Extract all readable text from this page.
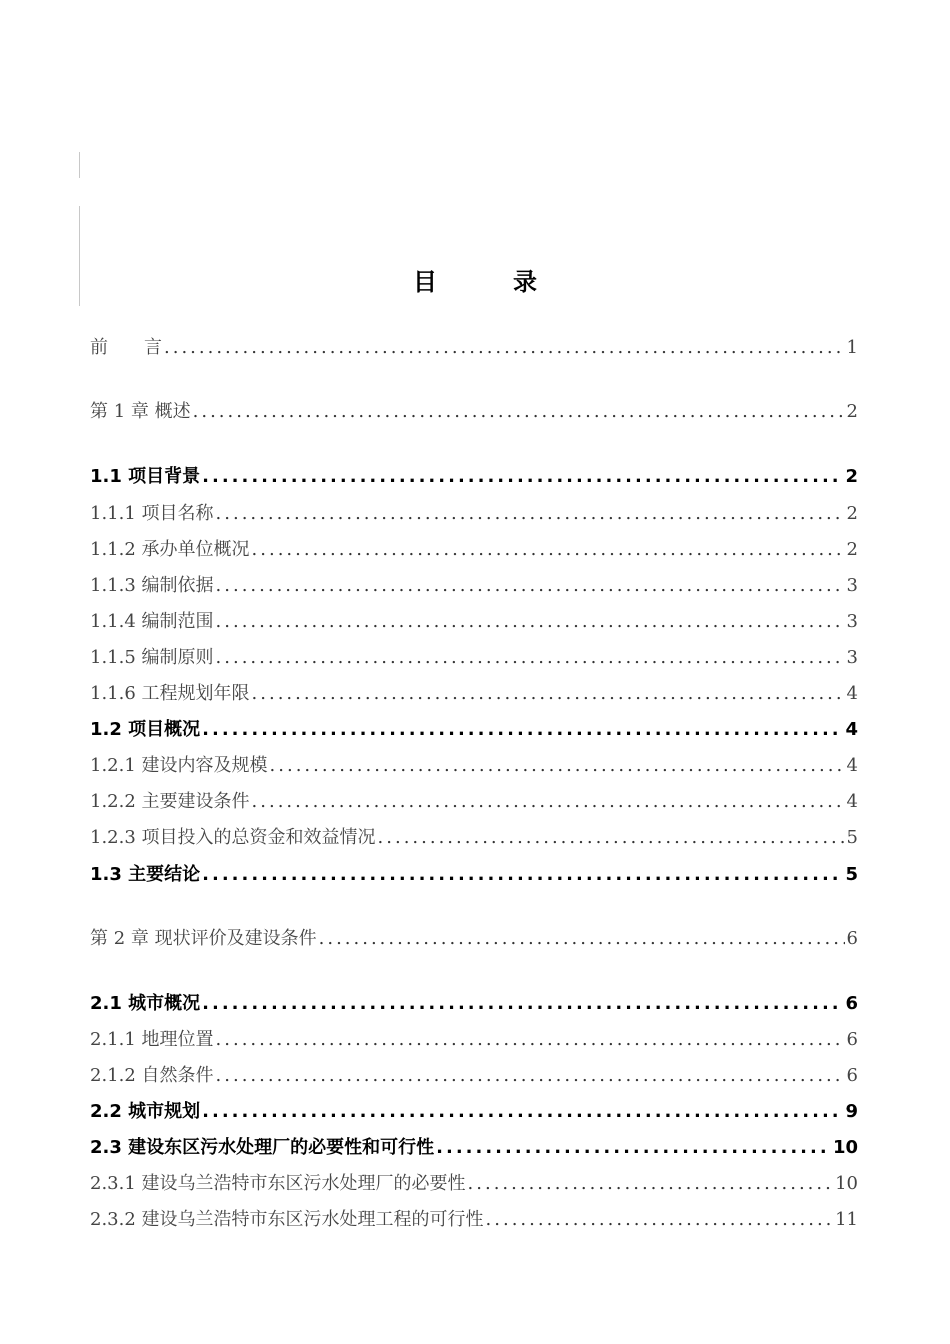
目　录
前　　言 .....	1
第 1 章 概述 .....	2
1.1 项目背景 .....	2
1.1.1 项目名称 .....	2
1.1.2 承办单位概况 .....	2
1.1.3 编制依据 .....	3
1.1.4 编制范围 .....	3
1.1.5 编制原则 .....	3
1.1.6 工程规划年限 .....	4
1.2 项目概况 .....	4
1.2.1 建设内容及规模 .....	4
1.2.2 主要建设条件 .....	4
1.2.3 项目投入的总资金和效益情况 .....	5
1.3 主要结论 .....	5
第 2 章 现状评价及建设条件 .....	6
2.1 城市概况 .....	6
2.1.1 地理位置 .....	6
2.1.2 自然条件 .....	6
2.2 城市规划 .....	9
2.3 建设东区污水处理厂的必要性和可行性 .....	10
2.3.1 建设乌兰浩特市东区污水处理厂的必要性 .....	10
2.3.2 建设乌兰浩特市东区污水处理工程的可行性 .....	11
